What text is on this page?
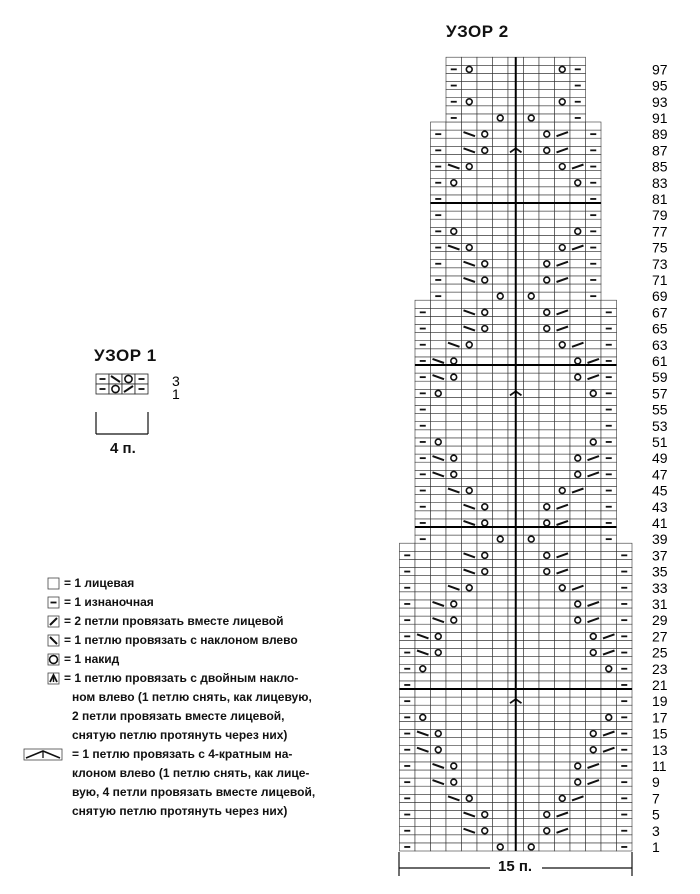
УЗОР 1
УЗОР 2
3
1
97
95
93
91
89
87
85
83
81
79
77
75
73
71
69
67
65
63
61
59
57
55
53
51
49
47
45
43
41
39
37
35
33
31
29
27
25
23
21
19
17
15
13
11
9
7
5
3
1
4 п.
15 п.
= 1 лицевая
= 1 изнаночная
= 2 петли провязать вместе лицевой
= 1 петлю провязать с наклоном влево
= 1 накид
= 1 петлю провязать с двойным накло-
ном влево (1 петлю снять, как лицевую,
2 петли провязать вместе лицевой,
снятую петлю протянуть через них)
= 1 петлю провязать с 4-кратным на-
клоном влево (1 петлю снять, как лице-
вую, 4 петли провязать вместе лицевой,
снятую петлю протянуть через них)
